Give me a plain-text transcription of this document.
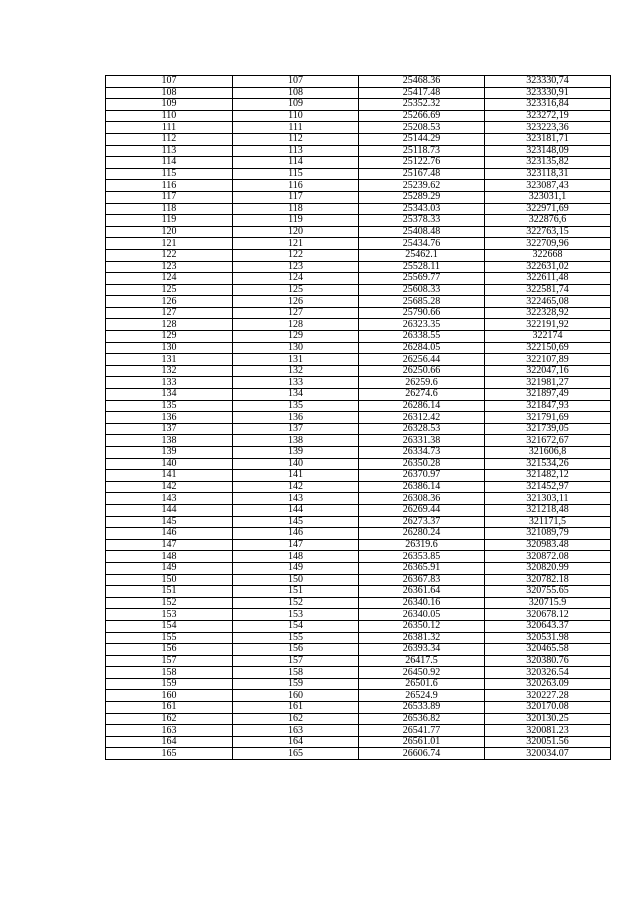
107	107	25468.36	323330,74
108	108	25417.48	323330,91
109	109	25352.32	323316,84
110	110	25266.69	323272,19
111	111	25208.53	323223,36
112	112	25144.29	323181,71
113	113	25118.73	323148,09
114	114	25122.76	323135,82
115	115	25167.48	323118,31
116	116	25239.62	323087,43
117	117	25289.29	323031,1
118	118	25343.03	322971,69
119	119	25378.33	322876,6
120	120	25408.48	322763,15
121	121	25434.76	322709,96
122	122	25462.1	322668
123	123	25528.11	322631,02
124	124	25569.77	322611,48
125	125	25608.33	322581,74
126	126	25685.28	322465,08
127	127	25790.66	322328,92
128	128	26323.35	322191,92
129	129	26338.55	322174
130	130	26284.05	322150,69
131	131	26256.44	322107,89
132	132	26250.66	322047,16
133	133	26259.6	321981,27
134	134	26274.6	321897,49
135	135	26286.14	321847,93
136	136	26312.42	321791,69
137	137	26328.53	321739,05
138	138	26331.38	321672,67
139	139	26334.73	321606,8
140	140	26350.28	321534,26
141	141	26370.97	321482,12
142	142	26386.14	321452,97
143	143	26308.36	321303,11
144	144	26269.44	321218,48
145	145	26273.37	321171,5
146	146	26280.24	321089,79
147	147	26319.6	320983.48
148	148	26353.85	320872.08
149	149	26365.91	320820.99
150	150	26367.83	320782.18
151	151	26361.64	320755.65
152	152	26340.16	320715.9
153	153	26340.05	320678.12
154	154	26350.12	320643.37
155	155	26381.32	320531.98
156	156	26393.34	320465.58
157	157	26417.5	320380.76
158	158	26450.92	320326.54
159	159	26501.6	320263.09
160	160	26524.9	320227.28
161	161	26533.89	320170.08
162	162	26536.82	320130.25
163	163	26541.77	320081.23
164	164	26561.01	320051.56
165	165	26606.74	320034.07
